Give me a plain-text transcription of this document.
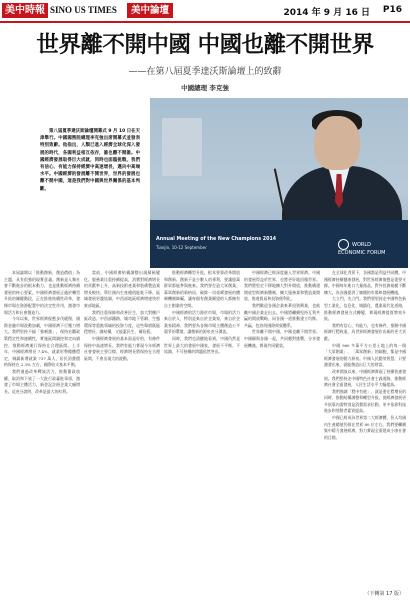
美中時報 SINO US TIMES	美中論壇	2014 年 9 月 16 日 P16
世界離不開中國 中國也離不開世界
——在第八屆夏季達沃斯論壇上的致辭
中國總理 李克強
第八屆夏季達沃斯論壇開幕式 9 月 10 日在天津舉行。中國國務院總理李克強出席開幕式並發表特別致辭。他指出，人類已進入經濟全球化深入發展的時代，各國利益相互依存，誰也離不開誰。中國經濟發展取得巨大成就，同時也面臨挑戰，我們有信心、有能力保持經濟中高速增長，邁向中高端水平。中國經濟的發展離不開世界，世界的發展也離不開中國，這是我們對中國與世界關係的基本判斷。
Annual Meeting of the New Champions 2014
Tianjin, 10-12 September	WORLD ECONOMIC FORUM

本屆論壇以「推動創新，創造價值」為主題，具有很強的現實意義。創新是人類社會不斷進步的根本動力，也是推動經濟持續發展的核心要素。中國經濟發展正處於轉型升級的關鍵階段，正在推進結構性改革，發揮市場在資源配置中的決定性作用，激發市場活力和社會創造力。

今年以來，世界經濟復甦步伐緩慢，國際金融市場波動加劇，中國經濟下行壓力增大。我們堅持不搞「強刺激」，保持宏觀政策穩定性和連續性，實施區間調控和定向調控，推動經濟運行保持在合理區間。上半年，中國經濟增長 7.4%，就業形勢總體穩定，城鎮新增就業 737 萬人，居民消費價格保持在 2.3% 左右，國際收支基本平衡。

我們通過改革釋放活力，推動簡政放權，取消和下放了一大批行政審批事項，激發了市場主體活力，新登記註冊企業大幅增長。這充分說明，改革是最大的紅利。

當前，中國經濟結構調整出現積極變化。服務業比重持續提高，消費對經濟增長的貢獻率上升，高新技術產業和裝備製造業增長較快，單位國內生產總值能耗下降。區域發展更趨協調，中西部地區經濟增速快於東部地區。

我們注重保障和改善民生，加大對棚戶區改造、中西部鐵路、城市地下管網、生態環保等重點領域的投資力度。這些舉措既能穩增長、調結構，又能惠民生、補短板。

中國經濟發展的基本面是好的，有條件保持中高速增長。我們有能力實現今年經濟社會發展主要目標，經濟增長將保持在合理區間，不會出現大的波動。

推動經濟轉型升級，根本要靠改革開放和創新。創新不是少數人的專利，要讓億萬群眾都能參與進來。我們要打造大眾創業、萬眾創新的新格局，破除一切束縛發展的體制機制障礙，讓每個有創業願望的人都擁有自主創業的空間。

中國經濟的活力源於市場，市場的活力來自於人，特別是來自於企業家，來自於企業家精神。我們要為各類市場主體創造公平競爭的環境，讓創新的源泉充分湧流。

同時，我們也清醒地看到，中國仍然是世界上最大的發展中國家，發展不平衡、不協調、不可持續的問題依然突出。

中國經濟已經深度融入世界經濟。中國的發展得益於世界，也將更好地回饋世界。我們將堅定不移地擴大對外開放，推動構建開放型經濟新體制，擴大服務業和製造業開放，推進貿易和投資便利化。

我們歡迎各國企業來華投資興業，也鼓勵中國企業走出去。中國將繼續堅持互利共贏的開放戰略，同各國一道推動建立均衡、共贏、包容的國際經貿體系。

世界離不開中國，中國也離不開世界。中國願與各國一起，共同應對挑戰，分享發展機遇，實現共同繁榮。

在全球化背景下，各國都是利益共同體。中國經濟持續健康發展，對世界經濟復甦是重要支撐。中國每年進口大量商品，對外投資規模不斷擴大，為各國提供了廣闊的市場和發展機遇。

大立門，先立門。我們要堅持走中國特色新型工業化、信息化、城鎮化、農業現代化道路，推動經濟發展方式轉變，實現經濟提質增效升級。

我們有信心、有能力，也有條件，推動中國經濟行穩致遠，為世界經濟發展作出新的更大貢獻。

中國 960 多萬平方公里土地上的每一個「大眾創業」、「萬眾創新」的細胞，都是中國經濟發展的動力源泉。中國人民勤勞智慧，只要激發出來，就能創造出巨大的財富。

改革開放以來，中國經濟實現了持續快速發展。我們堅持走中國特色社會主義道路，推動經濟社會全面發展，人民生活水平大幅提高。

我們強調「穩中有進」，就是要在穩增長的同時，推動結構調整和轉型升級，使經濟發展更多依靠內需特別是消費需求拉動，更多依靠科技進步和勞動者素質提高。

中國已經成為世界第二大經濟體，但人均國內生產總值仍排在世界 80 位左右。我們要繼續集中精力發展經濟，努力實現全面建成小康社會的目標。

（下轉第 17 版）
